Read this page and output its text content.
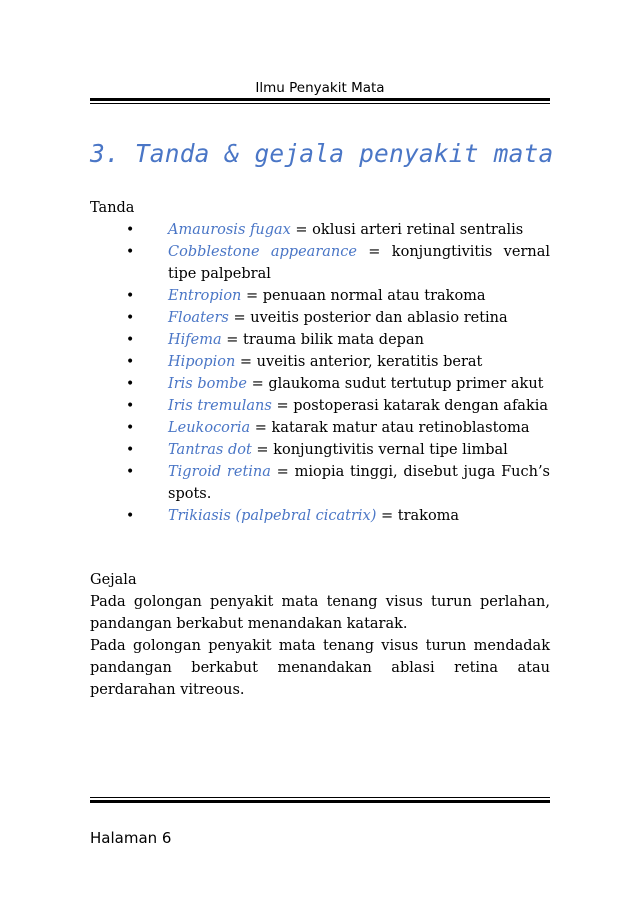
Ilmu Penyakit Mata
3. Tanda & gejala penyakit mata
Tanda
• Amaurosis fugax = oklusi arteri retinal sentralis
• Cobblestone appearance = konjungtivitis vernal tipe palpebral
• Entropion = penuaan normal atau trakoma
• Floaters = uveitis posterior dan ablasio retina
• Hifema = trauma bilik mata depan
• Hipopion = uveitis anterior, keratitis berat
• Iris bombe = glaukoma sudut tertutup primer akut
• Iris tremulans = postoperasi katarak dengan afakia
• Leukocoria = katarak matur atau retinoblastoma
• Tantras dot = konjungtivitis vernal tipe limbal
• Tigroid retina = miopia tinggi, disebut juga Fuch’s spots.
• Trikiasis (palpebral cicatrix) = trakoma
Gejala
Pada golongan penyakit mata tenang visus turun perlahan,
pandangan berkabut menandakan katarak.
Pada golongan penyakit mata tenang visus turun mendadak
pandangan berkabut menandakan ablasi retina atau
perdarahan vitreous.
Halaman 6
